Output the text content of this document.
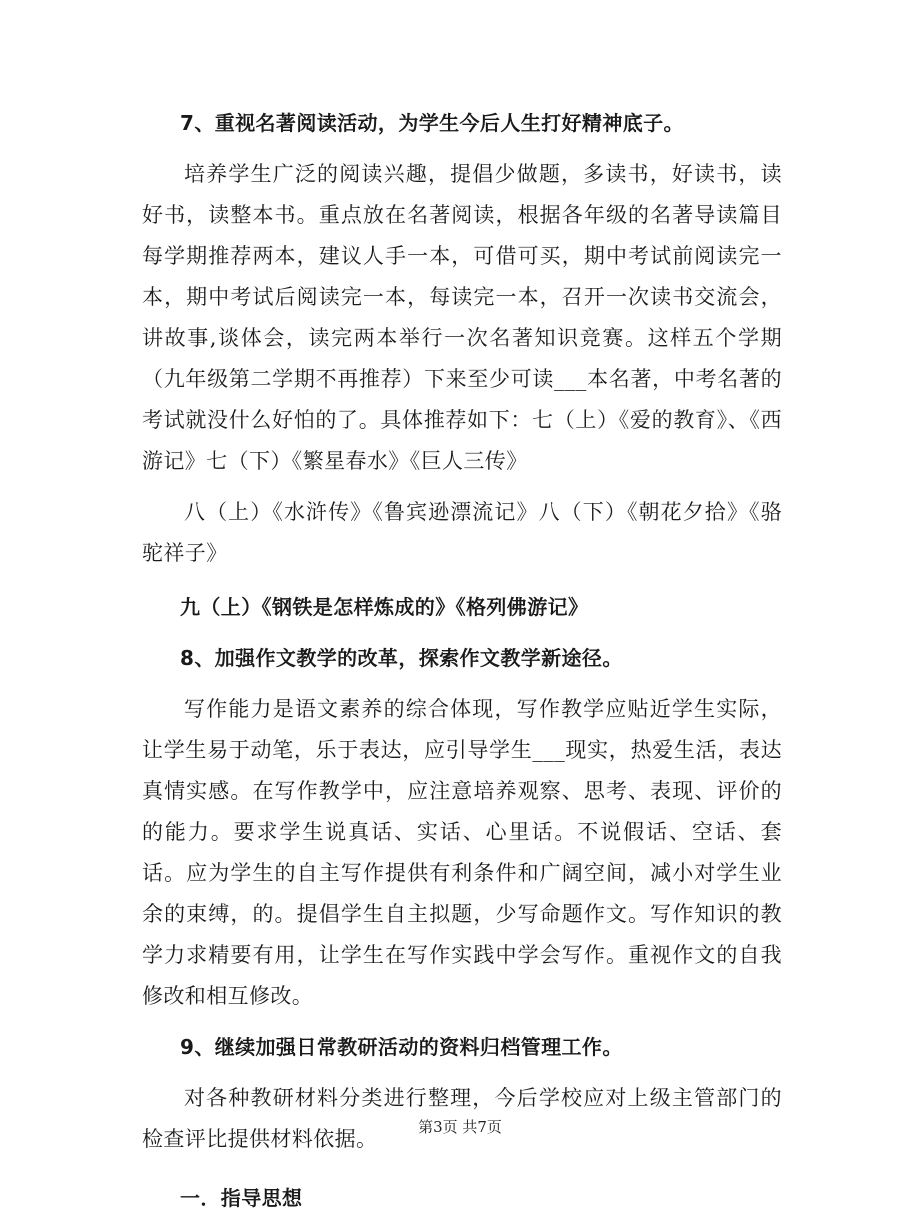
7、重视名著阅读活动，为学生今后人生打好精神底子。

培养学生广泛的阅读兴趣，提倡少做题，多读书，好读书，读好书，读整本书。重点放在名著阅读，根据各年级的名著导读篇目每学期推荐两本，建议人手一本，可借可买，期中考试前阅读完一本，期中考试后阅读完一本，每读完一本，召开一次读书交流会，讲故事,谈体会，读完两本举行一次名著知识竞赛。这样五个学期（九年级第二学期不再推荐）下来至少可读___本名著，中考名著的考试就没什么好怕的了。具体推荐如下：七（上）《爱的教育》、《西游记》七（下）《繁星春水》《巨人三传》

八（上）《水浒传》《鲁宾逊漂流记》八（下）《朝花夕拾》《骆驼祥子》

九（上）《钢铁是怎样炼成的》《格列佛游记》

8、加强作文教学的改革，探索作文教学新途径。

写作能力是语文素养的综合体现，写作教学应贴近学生实际，让学生易于动笔，乐于表达，应引导学生___现实，热爱生活，表达真情实感。在写作教学中，应注意培养观察、思考、表现、评价的的能力。要求学生说真话、实话、心里话。不说假话、空话、套话。应为学生的自主写作提供有利条件和广阔空间，减小对学生业余的束缚，的。提倡学生自主拟题，少写命题作文。写作知识的教学力求精要有用，让学生在写作实践中学会写作。重视作文的自我修改和相互修改。

9、继续加强日常教研活动的资料归档管理工作。

对各种教研材料分类进行整理，今后学校应对上级主管部门的检查评比提供材料依据。

一．指导思想

第3页 共7页
